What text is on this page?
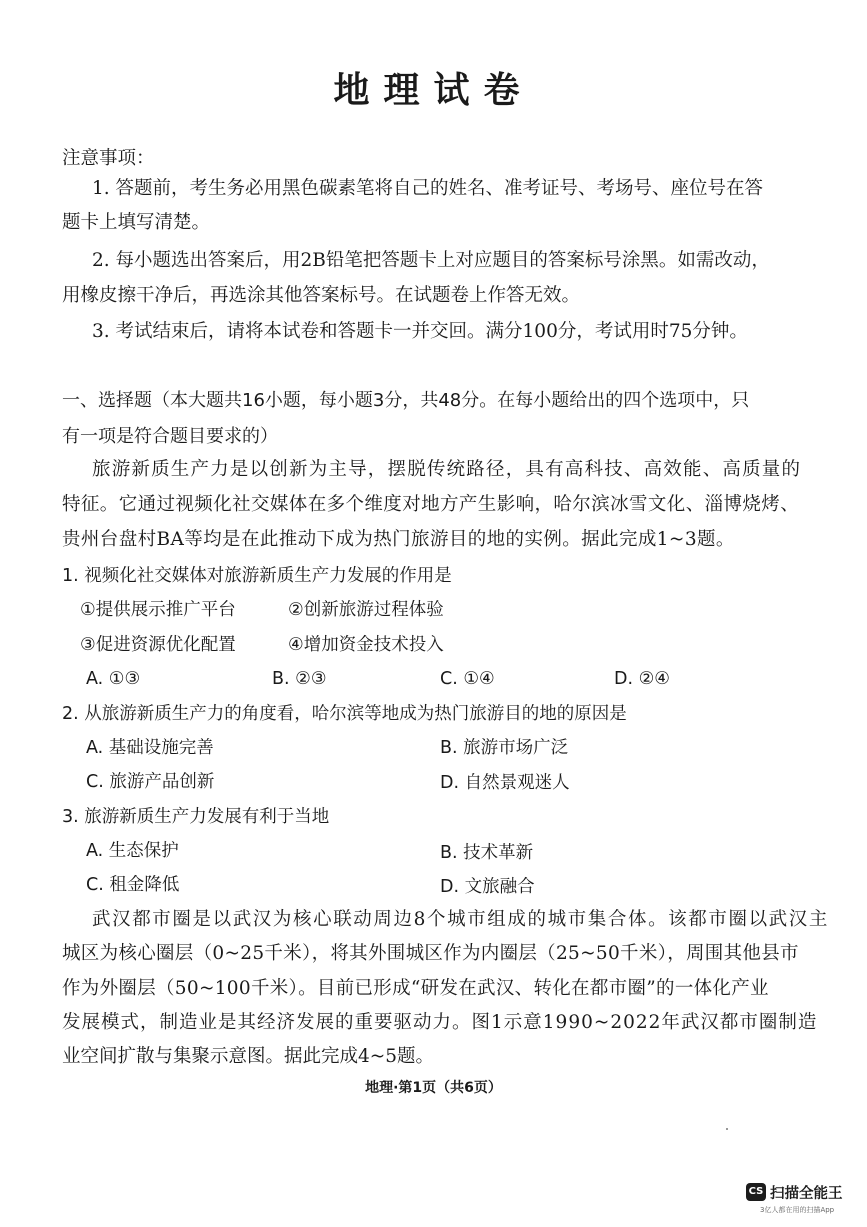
地理试卷
注意事项：
1. 答题前，考生务必用黑色碳素笔将自己的姓名、准考证号、考场号、座位号在答
题卡上填写清楚。
2. 每小题选出答案后，用2B铅笔把答题卡上对应题目的答案标号涂黑。如需改动，
用橡皮擦干净后，再选涂其他答案标号。在试题卷上作答无效。
3. 考试结束后，请将本试卷和答题卡一并交回。满分100分，考试用时75分钟。
一、选择题（本大题共16小题，每小题3分，共48分。在每小题给出的四个选项中，只
有一项是符合题目要求的）
旅游新质生产力是以创新为主导，摆脱传统路径，具有高科技、高效能、高质量的
特征。它通过视频化社交媒体在多个维度对地方产生影响，哈尔滨冰雪文化、淄博烧烤、
贵州台盘村BA等均是在此推动下成为热门旅游目的地的实例。据此完成1~3题。
1. 视频化社交媒体对旅游新质生产力发展的作用是
①提供展示推广平台	②创新旅游过程体验
③促进资源优化配置	④增加资金技术投入
A. ①③	B. ②③	C. ①④	D. ②④
2. 从旅游新质生产力的角度看，哈尔滨等地成为热门旅游目的地的原因是
A. 基础设施完善	B. 旅游市场广泛
C. 旅游产品创新	D. 自然景观迷人
3. 旅游新质生产力发展有利于当地
A. 生态保护	B. 技术革新
C. 租金降低	D. 文旅融合
武汉都市圈是以武汉为核心联动周边8个城市组成的城市集合体。该都市圈以武汉主
城区为核心圈层（0~25千米），将其外围城区作为内圈层（25~50千米），周围其他县市
作为外圈层（50~100千米）。目前已形成“研发在武汉、转化在都市圈”的一体化产业
发展模式，制造业是其经济发展的重要驱动力。图1示意1990~2022年武汉都市圈制造
业空间扩散与集聚示意图。据此完成4~5题。
地理·第1页（共6页）
CS 扫描全能王
3亿人都在用的扫描App
